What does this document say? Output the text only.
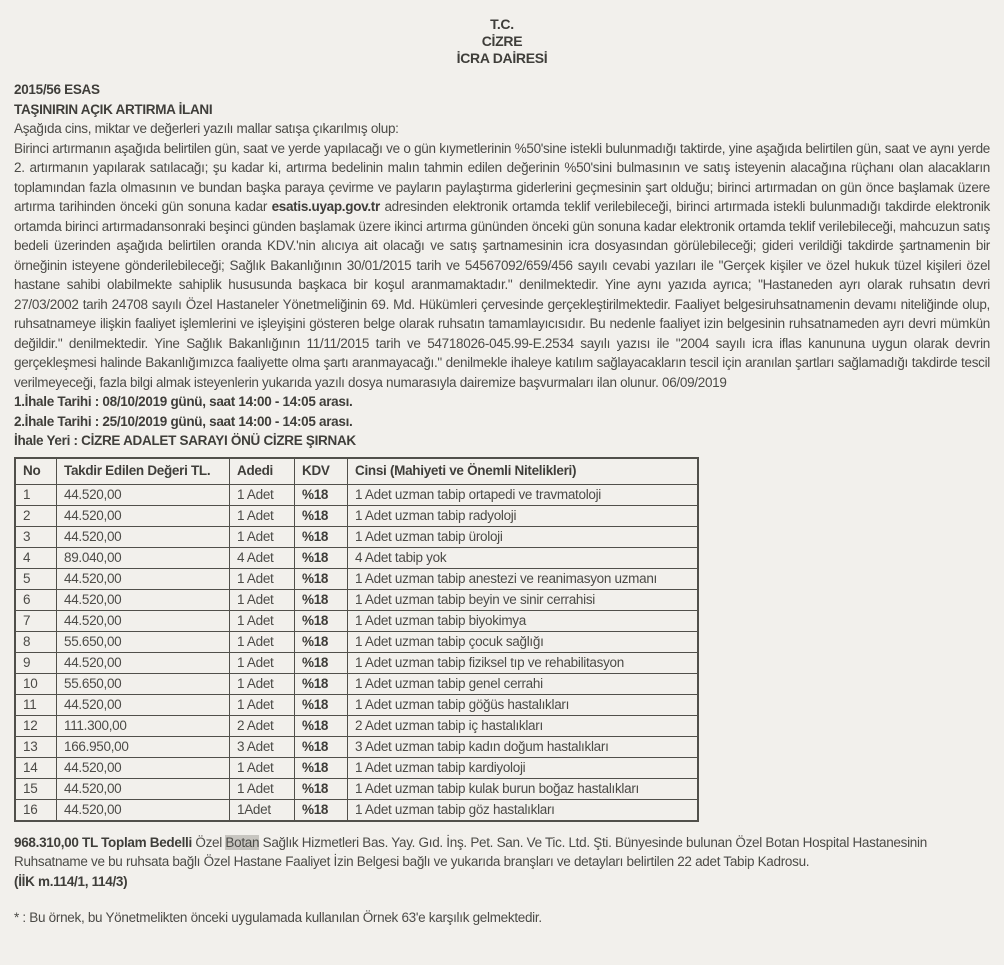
T.C.
CİZRE
İCRA DAİRESİ
2015/56 ESAS
TAŞINIRIN AÇIK ARTIRMA İLANI
Aşağıda cins, miktar ve değerleri yazılı mallar satışa çıkarılmış olup:
Birinci artırmanın aşağıda belirtilen gün, saat ve yerde yapılacağı ve o gün kıymetlerinin %50'sine istekli bulunmadığı taktirde, yine aşağıda belirtilen gün, saat ve aynı yerde 2. artırmanın yapılarak satılacağı; şu kadar ki, artırma bedelinin malın tahmin edilen değerinin %50'sini bulmasının ve satış isteyenin alacağına rüçhanı olan alacakların toplamından fazla olmasının ve bundan başka paraya çevirme ve payların paylaştırma giderlerini geçmesinin şart olduğu; birinci artırmadan on gün önce başlamak üzere artırma tarihinden önceki gün sonuna kadar esatis.uyap.gov.tr adresinden elektronik ortamda teklif verilebileceği, birinci artırmada istekli bulunmadığı takdirde elektronik ortamda birinci artırmadansonraki beşinci günden başlamak üzere ikinci artırma gününden önceki gün sonuna kadar elektronik ortamda teklif verilebileceği, mahcuzun satış bedeli üzerinden aşağıda belirtilen oranda KDV.'nin alıcıya ait olacağı ve satış şartnamesinin icra dosyasından görülebileceği; gideri verildiği takdirde şartnamenin bir örneğinin isteyene gönderilebileceği; Sağlık Bakanlığının 30/01/2015 tarih ve 54567092/659/456 sayılı cevabi yazıları ile "Gerçek kişiler ve özel hukuk tüzel kişileri özel hastane sahibi olabilmekte sahiplik hususunda başkaca bir koşul aranmamaktadır." denilmektedir. Yine aynı yazıda ayrıca; "Hastaneden ayrı olarak ruhsatın devri 27/03/2002 tarih 24708 sayılı Özel Hastaneler Yönetmeliğinin 69. Md. Hükümleri çervesinde gerçekleştirilmektedir. Faaliyet belgesiruhsatnamenin devamı niteliğinde olup, ruhsatnameye ilişkin faaliyet işlemlerini ve işleyişini gösteren belge olarak ruhsatın tamamlayıcısıdır. Bu nedenle faaliyet izin belgesinin ruhsatnameden ayrı devri mümkün değildir." denilmektedir. Yine Sağlık Bakanlığının 11/11/2015 tarih ve 54718026-045.99-E.2534 sayılı yazısı ile "2004 sayılı icra iflas kanununa uygun olarak devrin gerçekleşmesi halinde Bakanlığımızca faaliyette olma şartı aranmayacağı." denilmekle ihaleye katılım sağlayacakların tescil için aranılan şartları sağlamadığı takdirde tescil verilmeyeceği, fazla bilgi almak isteyenlerin yukarıda yazılı dosya numarasıyla dairemize başvurmaları ilan olunur. 06/09/2019
1.İhale Tarihi : 08/10/2019 günü, saat 14:00 - 14:05 arası.
2.İhale Tarihi : 25/10/2019 günü, saat 14:00 - 14:05 arası.
İhale Yeri : CİZRE ADALET SARAYI ÖNÜ CİZRE ŞIRNAK
No	Takdir Edilen Değeri TL.	Adedi	KDV	Cinsi (Mahiyeti ve Önemli Nitelikleri)
1	44.520,00	1 Adet	%18	1 Adet uzman tabip ortapedi ve travmatoloji
2	44.520,00	1 Adet	%18	1 Adet uzman tabip radyoloji
3	44.520,00	1 Adet	%18	1 Adet uzman tabip üroloji
4	89.040,00	4 Adet	%18	4 Adet tabip yok
5	44.520,00	1 Adet	%18	1 Adet uzman tabip anestezi ve reanimasyon uzmanı
6	44.520,00	1 Adet	%18	1 Adet uzman tabip beyin ve sinir cerrahisi
7	44.520,00	1 Adet	%18	1 Adet uzman tabip biyokimya
8	55.650,00	1 Adet	%18	1 Adet uzman tabip çocuk sağlığı
9	44.520,00	1 Adet	%18	1 Adet uzman tabip fiziksel tıp ve rehabilitasyon
10	55.650,00	1 Adet	%18	1 Adet uzman tabip genel cerrahi
11	44.520,00	1 Adet	%18	1 Adet uzman tabip göğüs hastalıkları
12	111.300,00	2 Adet	%18	2 Adet uzman tabip iç hastalıkları
13	166.950,00	3 Adet	%18	3 Adet uzman tabip kadın doğum hastalıkları
14	44.520,00	1 Adet	%18	1 Adet uzman tabip kardiyoloji
15	44.520,00	1 Adet	%18	1 Adet uzman tabip kulak burun boğaz hastalıkları
16	44.520,00	1Adet	%18	1 Adet uzman tabip göz hastalıkları
968.310,00 TL Toplam Bedelli Özel Botan Sağlık Hizmetleri Bas. Yay. Gıd. İnş. Pet. San. Ve Tic. Ltd. Şti. Bünyesinde bulunan Özel Botan Hospital Hastanesinin Ruhsatname ve bu ruhsata bağlı Özel Hastane Faaliyet İzin Belgesi bağlı ve yukarıda branşları ve detayları belirtilen 22 adet Tabip Kadrosu.
(İİK m.114/1, 114/3)
* : Bu örnek, bu Yönetmelikten önceki uygulamada kullanılan Örnek 63'e karşılık gelmektedir.
